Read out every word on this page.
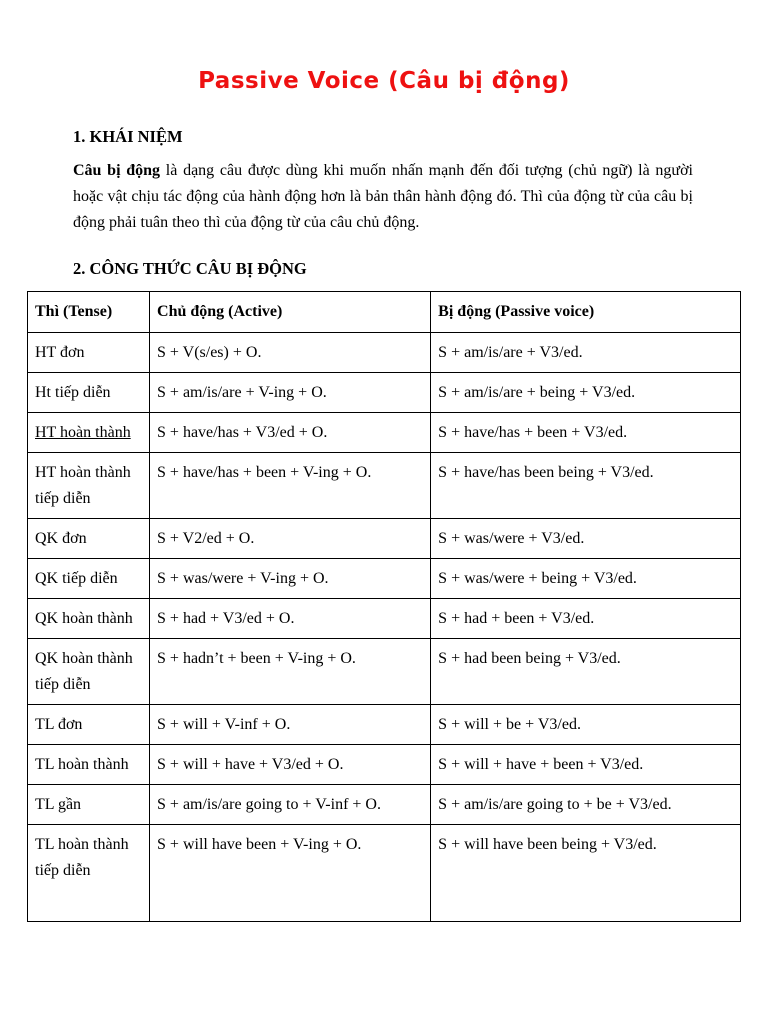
Passive Voice (Câu bị động)
1. KHÁI NIỆM
Câu bị động là dạng câu được dùng khi muốn nhấn mạnh đến đối tượng (chủ ngữ) là người hoặc vật chịu tác động của hành động hơn là bản thân hành động đó. Thì của động từ của câu bị động phải tuân theo thì của động từ của câu chủ động.
2. CÔNG THỨC CÂU BỊ ĐỘNG
Thì (Tense)	Chủ động (Active)	Bị động (Passive voice)
HT đơn	S + V(s/es) + O.	S + am/is/are + V3/ed.
Ht tiếp diễn	S + am/is/are + V-ing + O.	S + am/is/are + being + V3/ed.
HT hoàn thành	S + have/has + V3/ed + O.	S + have/has + been + V3/ed.
HT hoàn thành tiếp diễn	S + have/has + been + V-ing + O.	S + have/has been being + V3/ed.
QK đơn	S + V2/ed + O.	S + was/were + V3/ed.
QK tiếp diễn	S + was/were + V-ing + O.	S + was/were + being + V3/ed.
QK hoàn thành	S + had + V3/ed + O.	S + had + been + V3/ed.
QK hoàn thành tiếp diễn	S + hadn’t + been + V-ing + O.	S + had been being + V3/ed.
TL đơn	S + will + V-inf + O.	S + will + be + V3/ed.
TL hoàn thành	S + will + have + V3/ed + O.	S + will + have + been + V3/ed.
TL gần	S + am/is/are going to + V-inf + O.	S + am/is/are going to + be + V3/ed.
TL hoàn thành tiếp diễn	S + will have been + V-ing + O.	S + will have been being + V3/ed.
